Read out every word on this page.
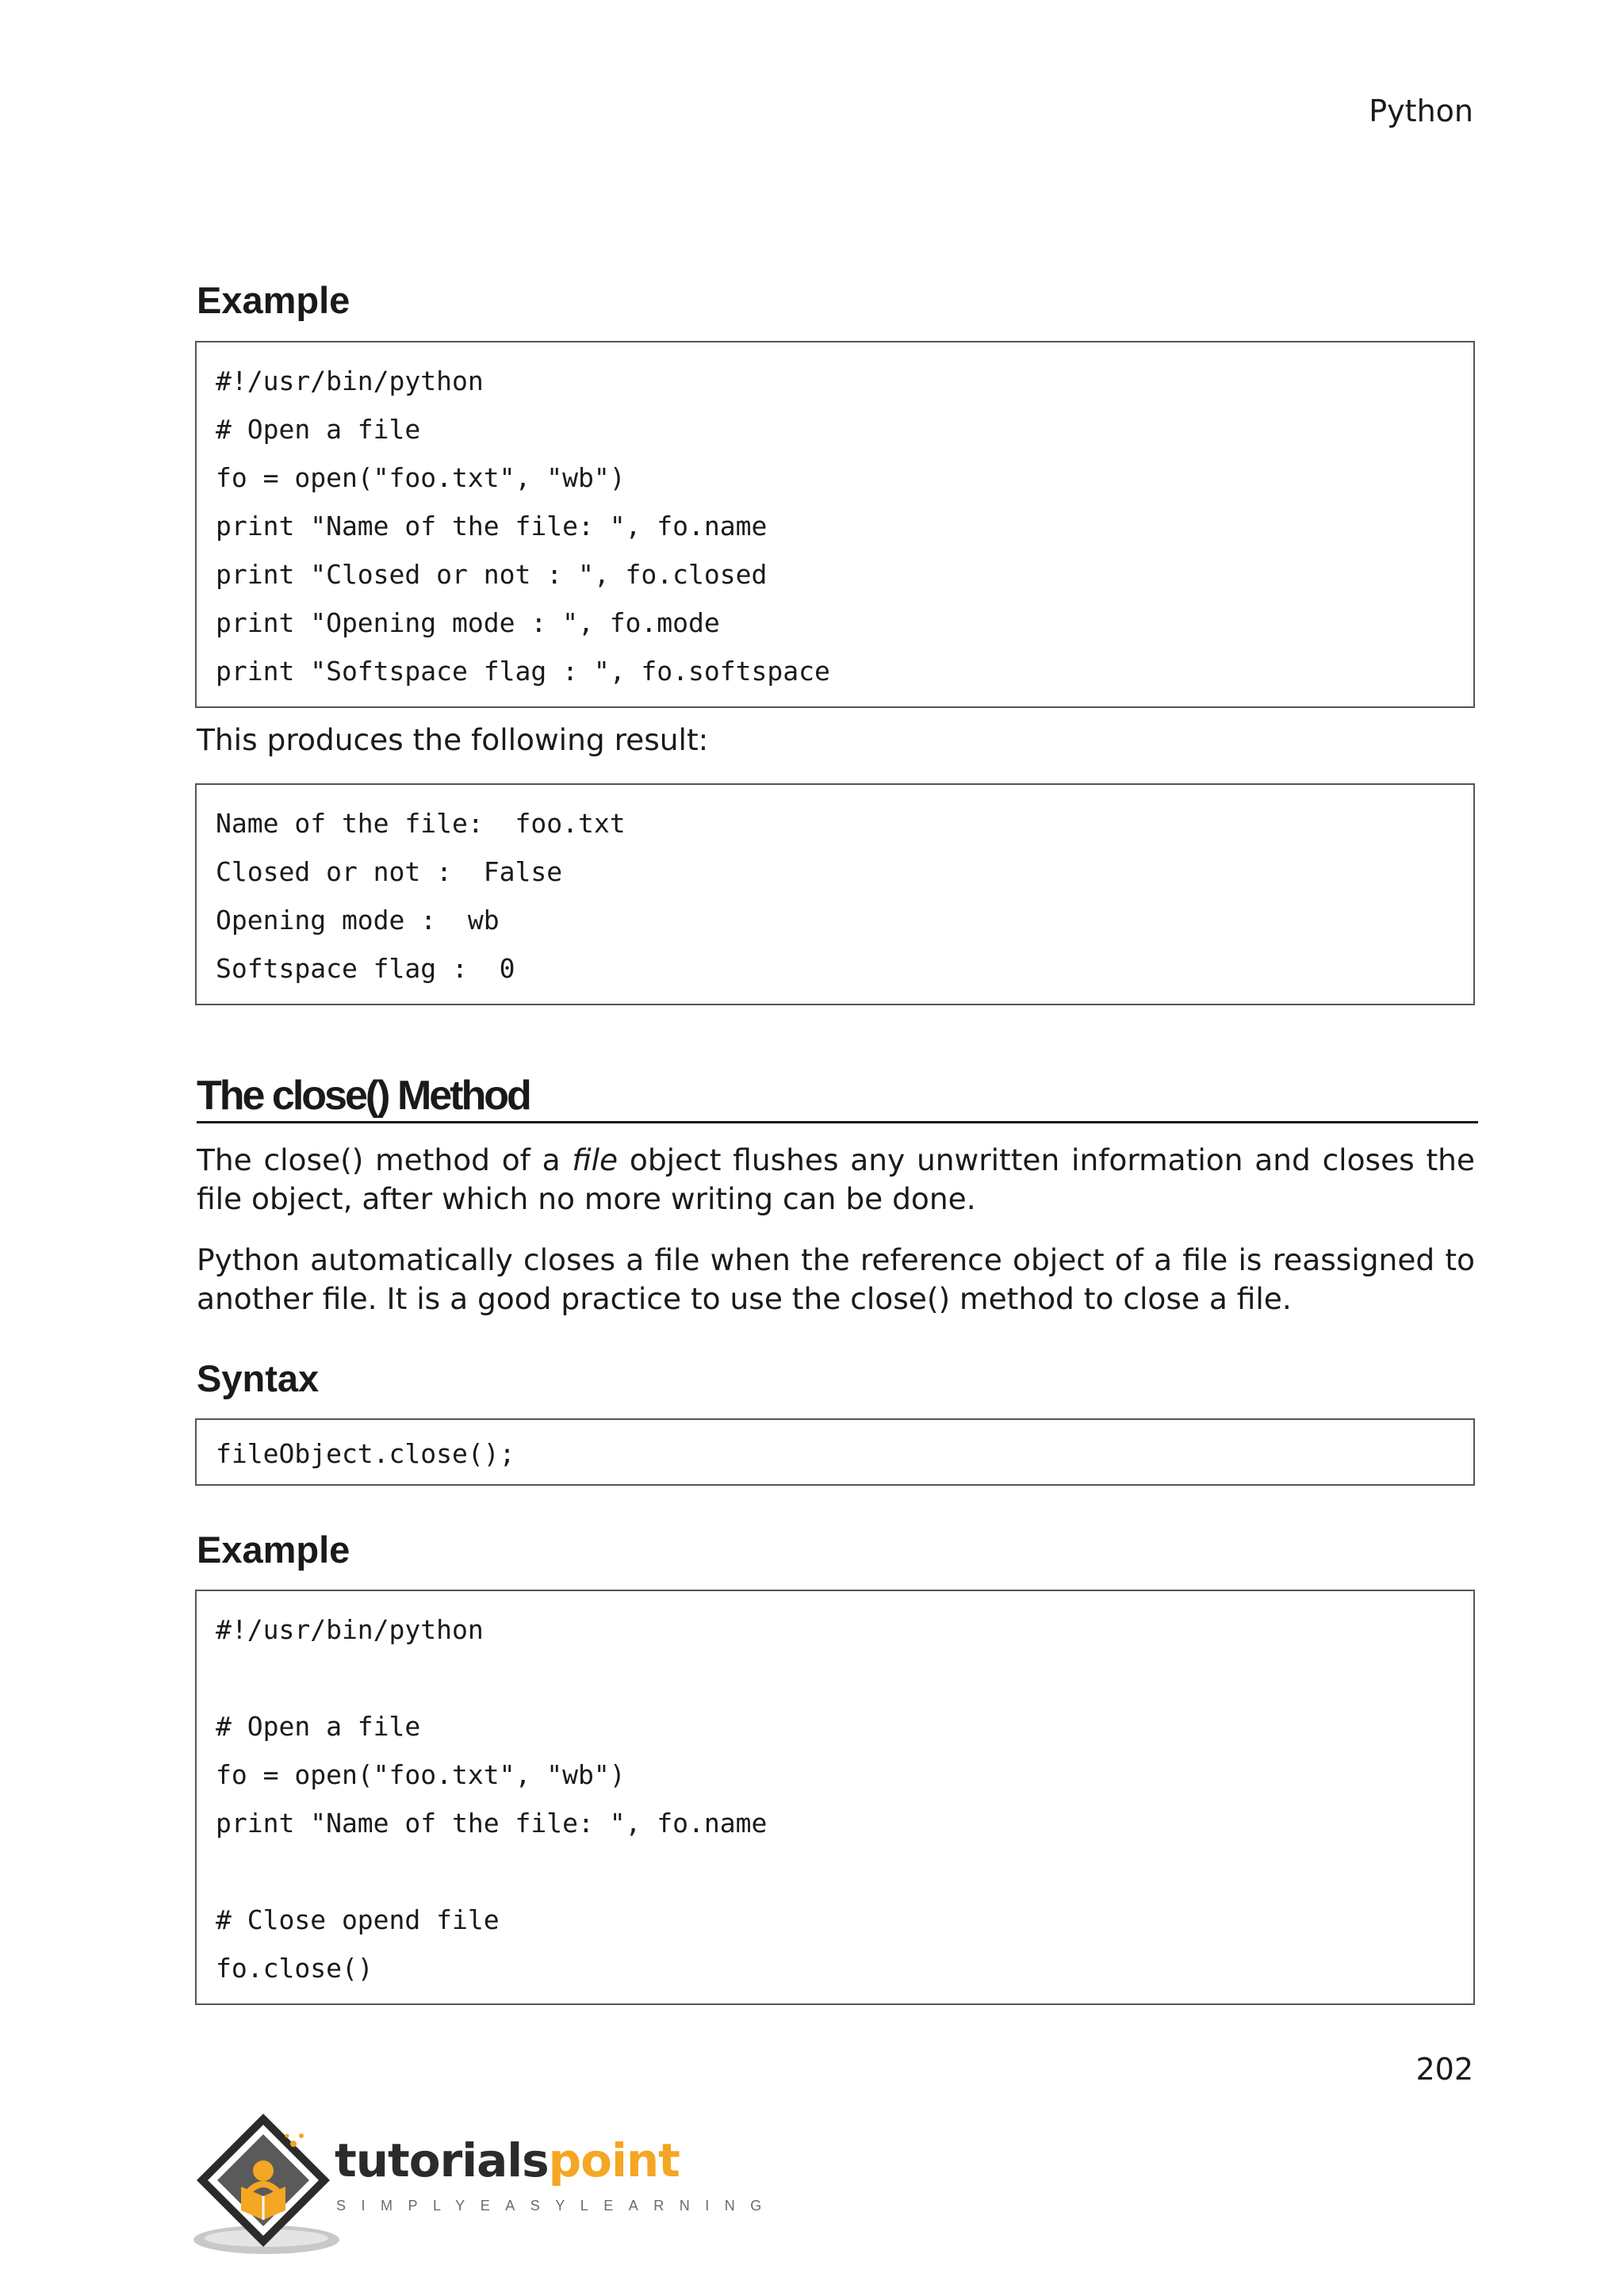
Python
Example
#!/usr/bin/python
# Open a file
fo = open("foo.txt", "wb")
print "Name of the file: ", fo.name
print "Closed or not : ", fo.closed
print "Opening mode : ", fo.mode
print "Softspace flag : ", fo.softspace

This produces the following result:

Name of the file:  foo.txt
Closed or not :  False
Opening mode :  wb
Softspace flag :  0
The close() Method

The close() method of a file object flushes any unwritten information and closes the file object, after which no more writing can be done.

Python automatically closes a file when the reference object of a file is reassigned to another file. It is a good practice to use the close() method to close a file.

Syntax
fileObject.close();
Example
#!/usr/bin/python
# Open a file
fo = open("foo.txt", "wb")
print "Name of the file: ", fo.name
# Close opend file
fo.close()
202
tutorialspoint
SIMPLYEASYLEARNING
